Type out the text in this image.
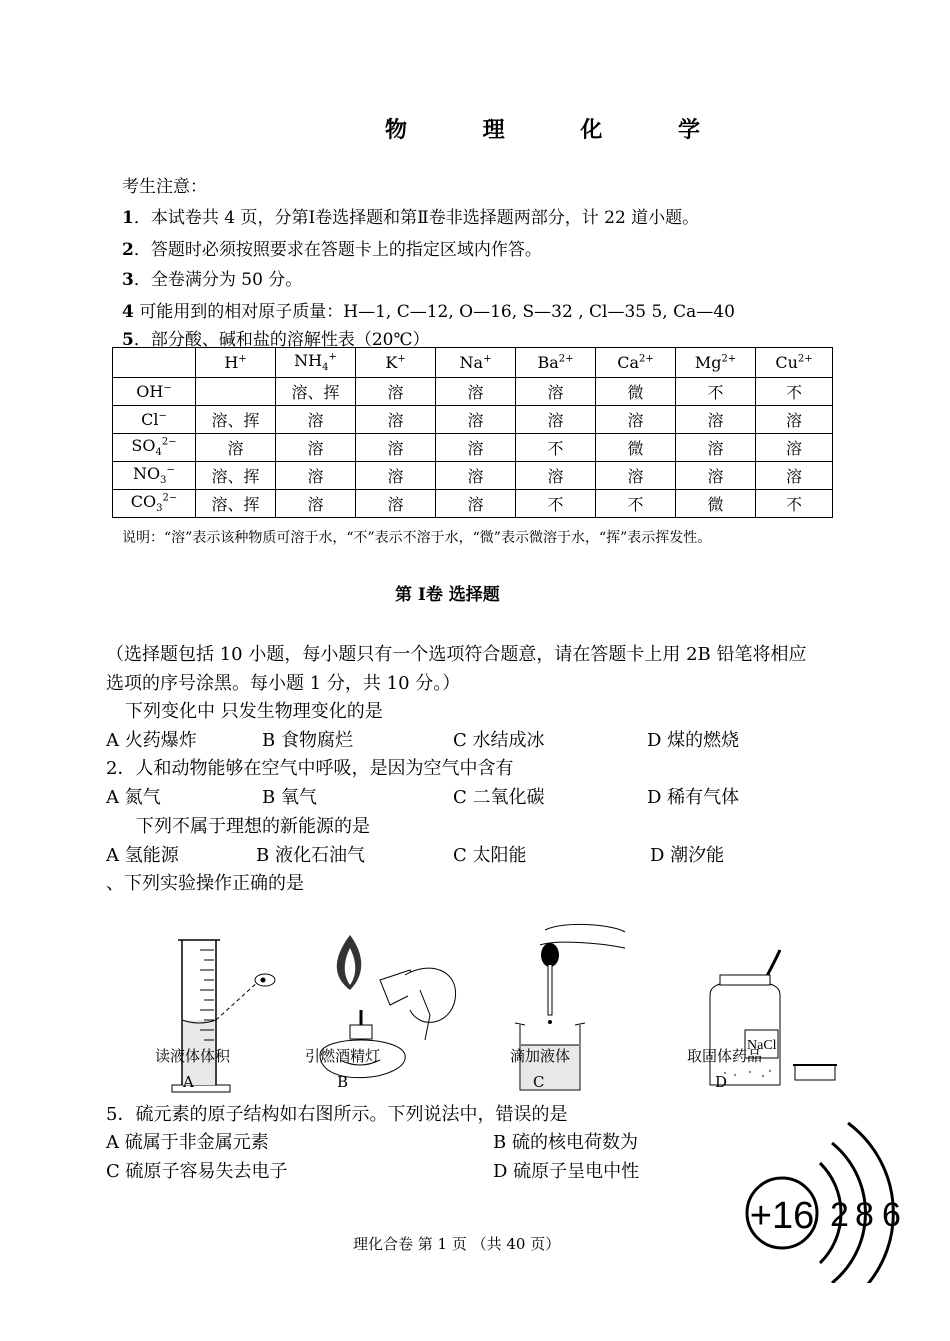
物 理 化 学
考生注意：
1．本试卷共 4 页，分第Ⅰ卷选择题和第Ⅱ卷非选择题两部分，计 22 道小题。
2．答题时必须按照要求在答题卡上的指定区域内作答。
3．全卷满分为 50 分。
4 可能用到的相对原子质量：H—1, C—12, O—16, S—32 , Cl—35 5, Ca—40
5．部分酸、碱和盐的溶解性表（20℃）
	H+	$NH_4^+$	K+	Na+	$Ba^{2+}$	$Ca^{2+}$	$Mg^{2+}$	$Cu^{2+}$
OH−		溶、挥	溶	溶	溶	微	不	不
Cl−	溶、挥	溶	溶	溶	溶	溶	溶	溶
$SO_4^{2-}$	溶	溶	溶	溶	不	微	溶	溶
$NO_3^-$	溶、挥	溶	溶	溶	溶	溶	溶	溶
$CO_3^{2-}$	溶、挥	溶	溶	溶	不	不	微	不
说明：“溶”表示该种物质可溶于水，“不”表示不溶于水，“微”表示微溶于水，“挥”表示挥发性。
第 Ⅰ卷 选择题
（选择题包括 10 小题，每小题只有一个选项符合题意，请在答题卡上用 2B 铅笔将相应
选项的序号涂黑。每小题 1 分，共 10 分。）
下列变化中 只发生物理变化的是
A 火药爆炸	B 食物腐烂	C 水结成冰	D 煤的燃烧
2．人和动物能够在空气中呼吸，是因为空气中含有
A 氮气	B 氧气	C 二氧化碳	D 稀有气体
下列不属于理想的新能源的是
A 氢能源	B 液化石油气	C 太阳能	D 潮汐能
、下列实验操作正确的是
NaCl
读液体体积
A
引燃酒精灯
B
滴加液体
C
取固体药品
D
5．硫元素的原子结构如右图所示。下列说法中，错误的是
A 硫属于非金属元素	B 硫的核电荷数为
C 硫原子容易失去电子	D 硫原子呈电中性
+16 2 8 6
理化合卷 第 1 页 （共 40 页）
